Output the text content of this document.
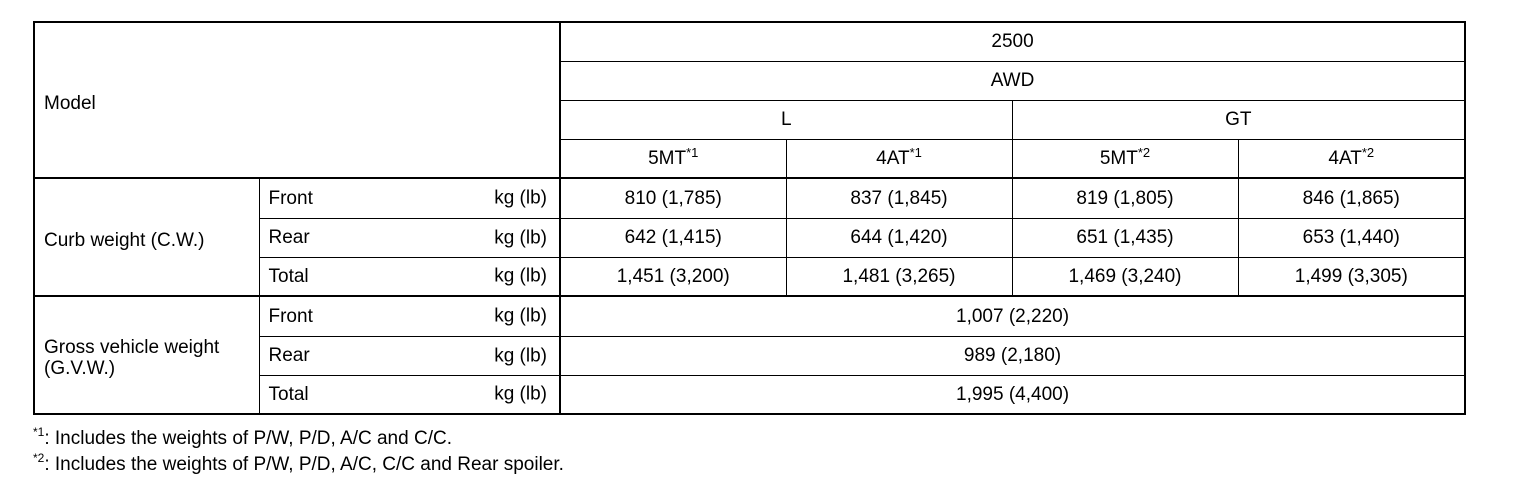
Model		2500			
		AWD			
		L		GT	
		5MT$^{*1}$	4AT$^{*1}$	5MT$^{*2}$	4AT$^{*2}$
Curb weight (C.W.)	Front kg (lb)	810 (1,785)	837 (1,845)	819 (1,805)	846 (1,865)
	Rear kg (lb)	642 (1,415)	644 (1,420)	651 (1,435)	653 (1,440)
	Total kg (lb)	1,451 (3,200)	1,481 (3,265)	1,469 (3,240)	1,499 (3,305)
Gross vehicle weight (G.V.W.)	Front kg (lb)	1,007 (2,220)			
	Rear kg (lb)	989 (2,180)			
	Total kg (lb)	1,995 (4,400)			
$^{*1}$: Includes the weights of P/W, P/D, A/C and C/C.
$^{*2}$: Includes the weights of P/W, P/D, A/C, C/C and Rear spoiler.
